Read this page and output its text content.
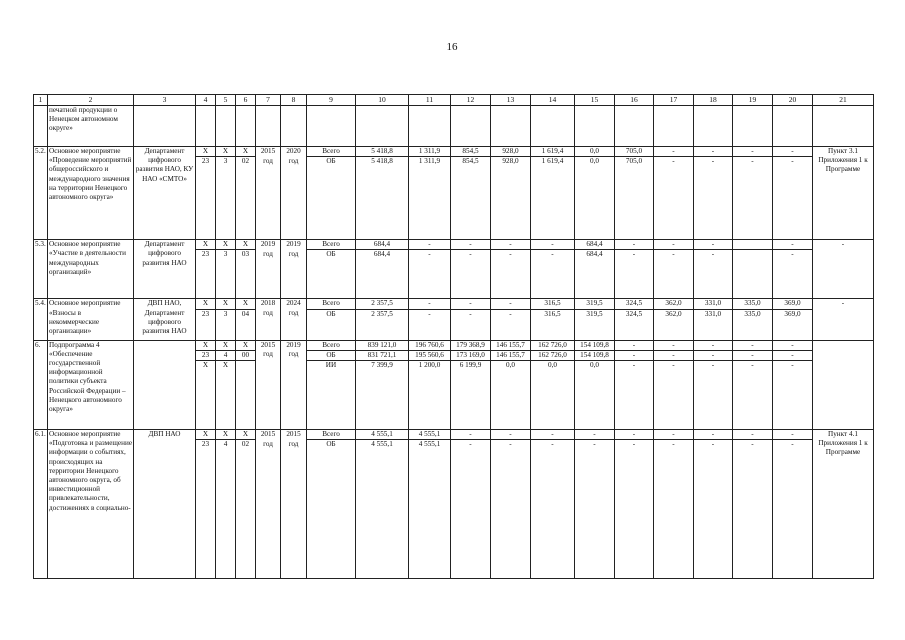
16
1	2	3	4	5	6	7	8	9	10	11	12	13	14	15	16	17	18	19	20	21
	печатной продукции о Ненецком автономном округе»																			
5.2.	Основное мероприятие «Проведение мероприятий общероссийского и международного значения на территории Ненецкого автономного округа»	Департамент цифрового развития НАО, КУ НАО «СМТО»	X	X	X	2015	2020	Всего	5 418,8	1 311,9	854,5	928,0	1 619,4	0,0	705,0	-	-	-	-	Пункт 3.1 Приложения 1 к Программе
			23	3	02	год	год	ОБ	5 418,8	1 311,9	854,5	928,0	1 619,4	0,0	705,0	-	-	-	-	
5.3.	Основное мероприятие «Участие в деятельности международных организаций»	Департамент цифрового развития НАО	X	X	X	2019	2019	Всего	684,4	-	-	-	-	684,4	-	-	-		-	-
			23	3	03	год	год	ОБ	684,4	-	-	-	-	684,4	-	-	-		-	
5.4.	Основное мероприятие «Взносы в некоммерческие организации»	ДВП НАО, Департамент цифрового развития НАО	X	X	X	2018	2024	Всего	2 357,5	-	-	-	316,5	319,5	324,5	362,0	331,0	335,0	369,0	-
			23	3	04	год	год	ОБ	2 357,5	-	-	-	316,5	319,5	324,5	362,0	331,0	335,0	369,0	
6.	Подпрограмма 4 «Обеспечение государственной информационной политики субъекта Российской Федерации – Ненецкого автономного округа»		X	X	X	2015	2019	Всего	839 121,0	196 760,6	179 368,9	146 155,7	162 726,0	154 109,8	-	-	-	-	-	
			23	4	00	год	год	ОБ	831 721,1	195 560,6	173 169,0	146 155,7	162 726,0	154 109,8	-	-	-	-	-	
			X	X				ИИ	7 399,9	1 200,0	6 199,9	0,0	0,0	0,0	-	-	-	-	-	
6.1.	Основное мероприятие «Подготовка и размещение информации о событиях, происходящих на территории Ненецкого автономного округа, об инвестиционной привлекательности, достижениях в социально-	ДВП НАО	X	X	X	2015	2015	Всего	4 555,1	4 555,1	-	-	-	-	-	-	-	-	-	Пункт 4.1 Приложения 1 к Программе
			23	4	02	год	год	ОБ	4 555,1	4 555,1	-	-	-	-	-	-	-	-	-	
